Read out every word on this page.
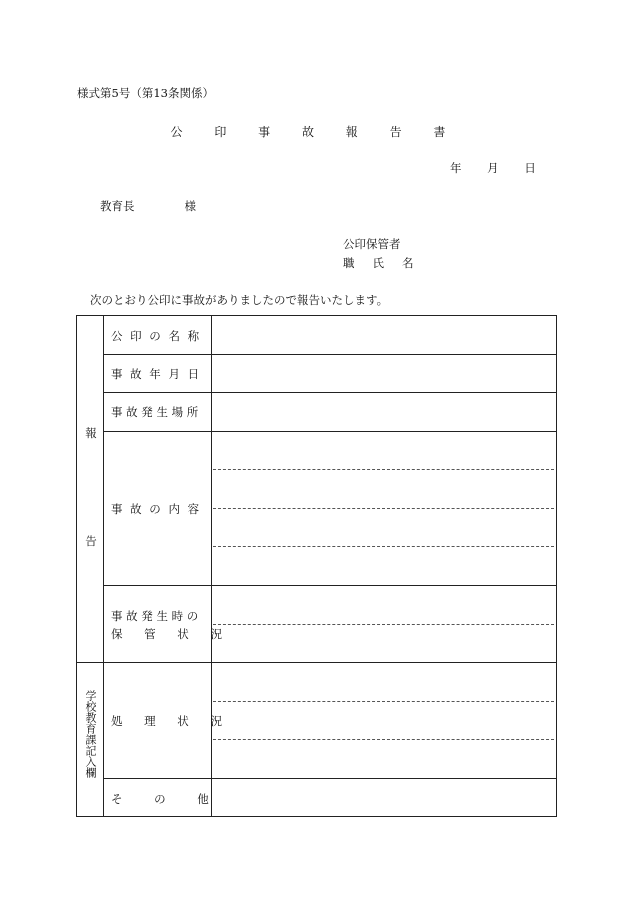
様式第5号（第13条関係）
公 印 事 故 報 告 書
年 月 日
教育長	様
公印保管者
職氏名
次のとおり公印に事故がありましたので報告いたします。
報
告
学校教育課記入欄
公 印 の 名 称
事 故 年 月 日
事 故 発 生 場 所
事 故 の 内 容
事 故 発 生 時 の
保 管 状 況
処 理 状 況
そ の 他
